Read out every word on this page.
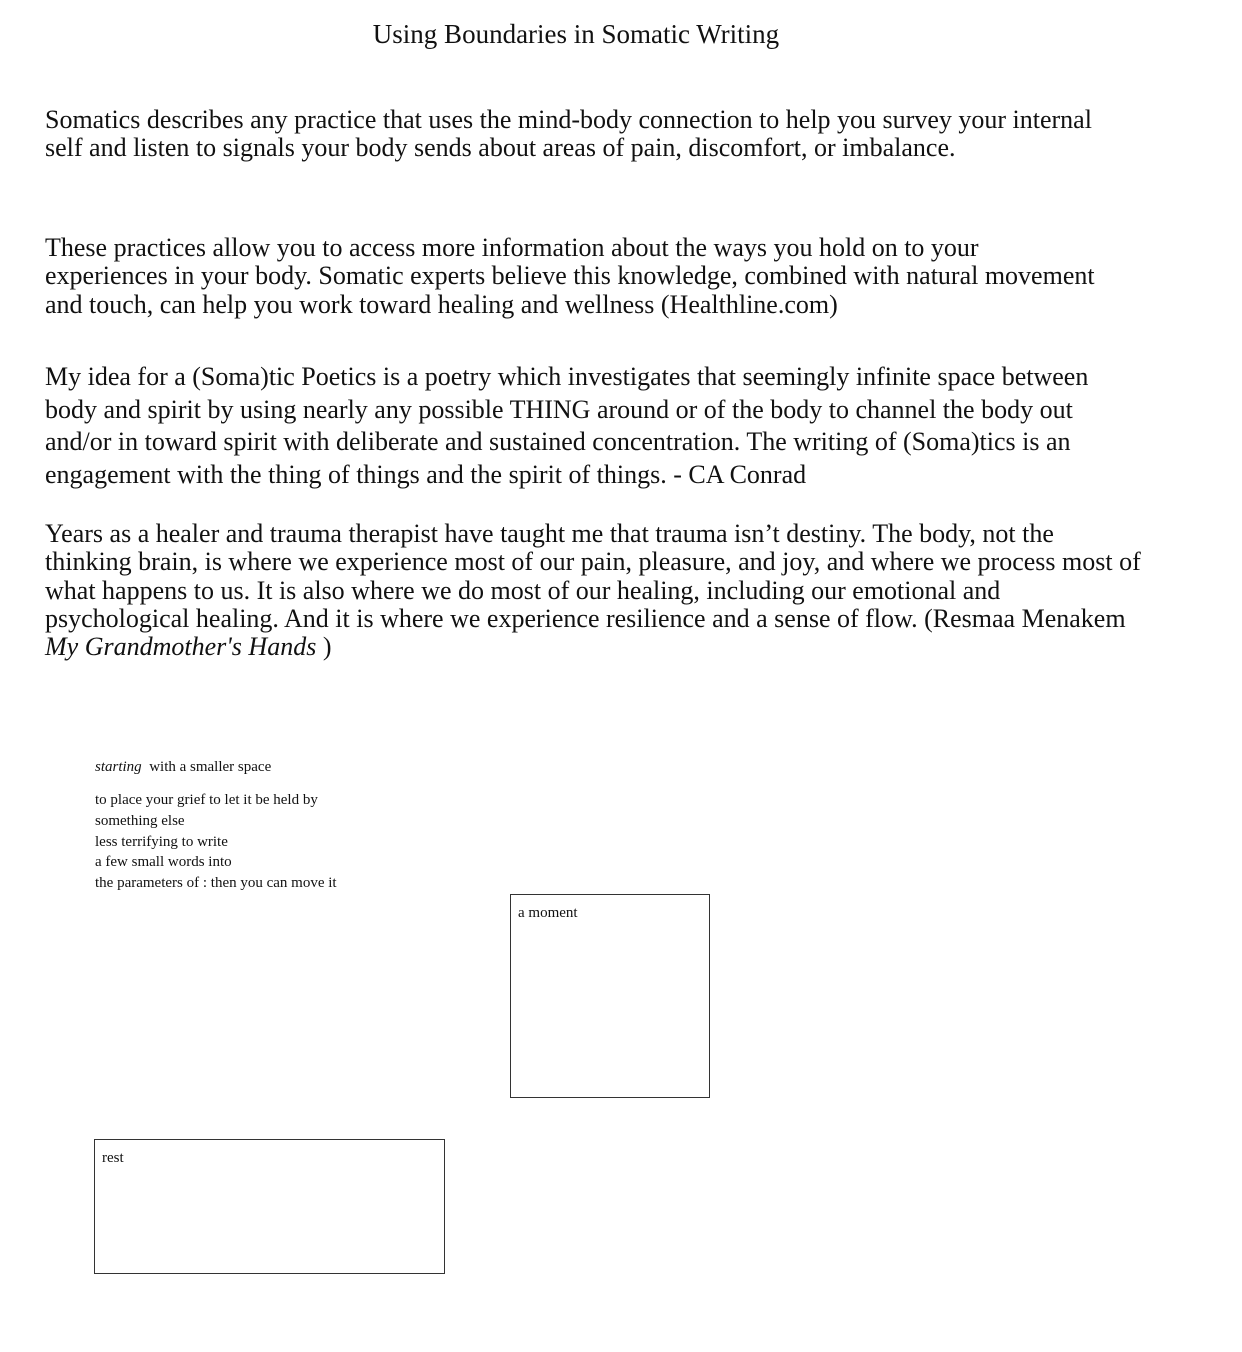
Using Boundaries in Somatic Writing

Somatics describes any practice that uses the mind-body connection to help you survey your internal self and listen to signals your body sends about areas of pain, discomfort, or imbalance.

These practices allow you to access more information about the ways you hold on to your experiences in your body. Somatic experts believe this knowledge, combined with natural movement and touch, can help you work toward healing and wellness (Healthline.com)

My idea for a (Soma)tic Poetics is a poetry which investigates that seemingly infinite space between body and spirit by using nearly any possible THING around or of the body to channel the body out and/or in toward spirit with deliberate and sustained concentration. The writing of (Soma)tics is an engagement with the thing of things and the spirit of things. - CA Conrad

Years as a healer and trauma therapist have taught me that trauma isn’t destiny. The body, not the thinking brain, is where we experience most of our pain, pleasure, and joy, and where we process most of what happens to us. It is also where we do most of our healing, including our emotional and psychological healing. And it is where we experience resilience and a sense of flow. (Resmaa Menakem My Grandmother's Hands )

starting  with a smaller space
to place your grief to let it be held by
something else
less terrifying to write
a few small words into
the parameters of : then you can move it
a moment
rest
